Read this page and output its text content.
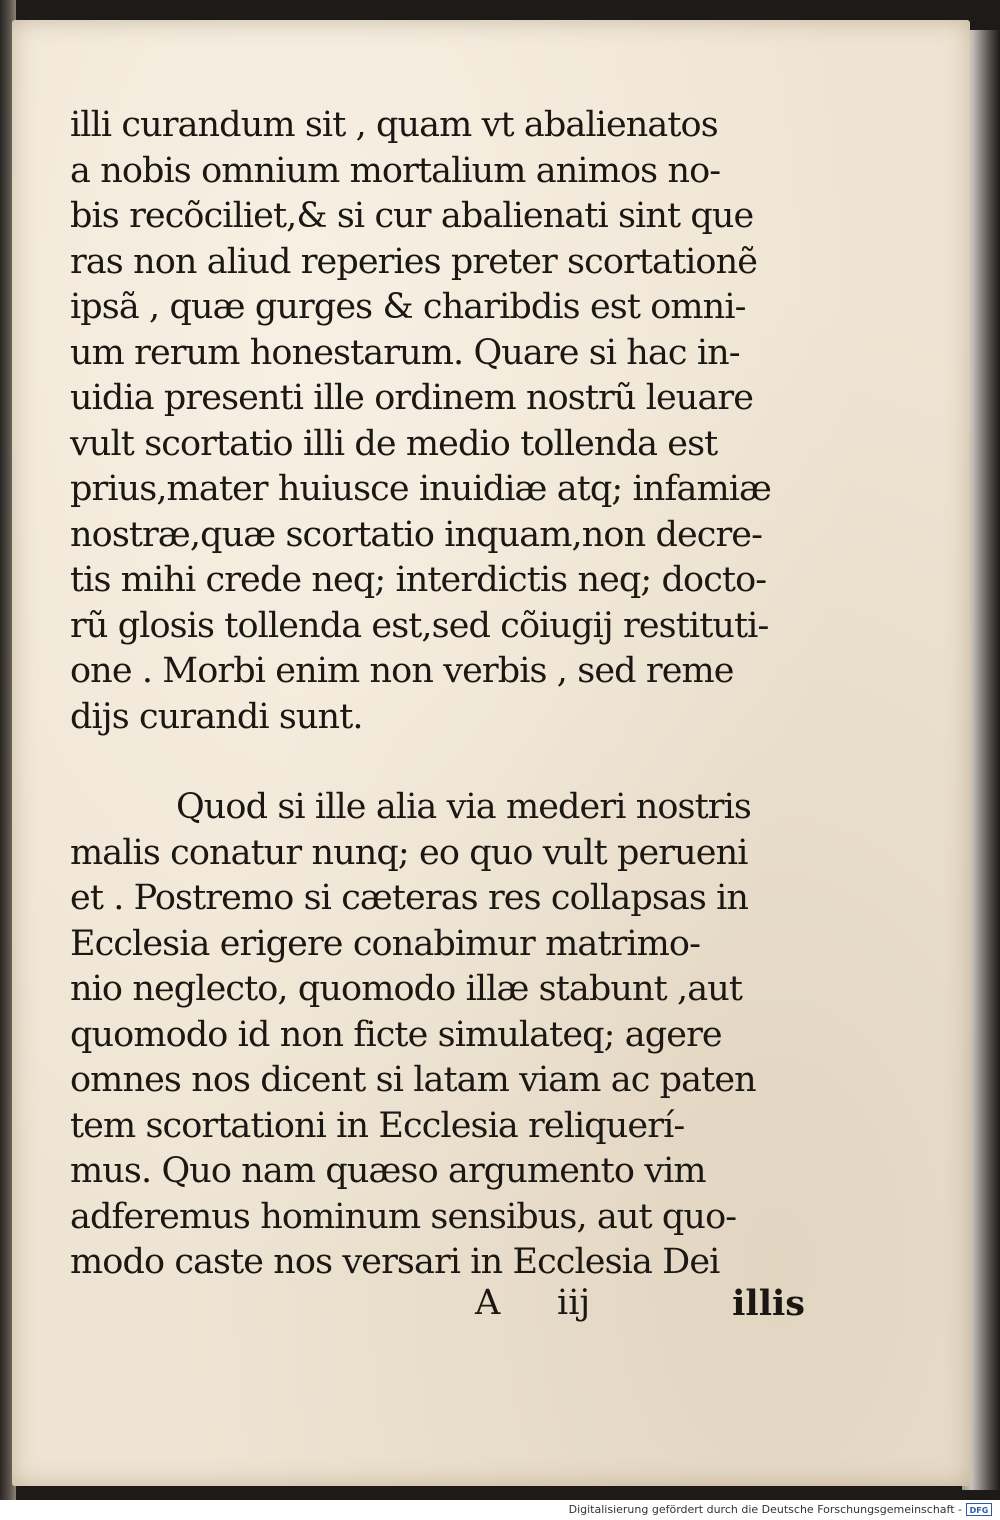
illi curandum sit , quam vt abalienatos
a nobis omnium mortalium animos no-
bis recõciliet,& si cur abalienati sint que
ras non aliud reperies preter scortationẽ
ipsã , quæ gurges & charibdis est omni-
um rerum honestarum. Quare si hac in-
uidia presenti ille ordinem nostrũ leuare
vult scortatio illi de medio tollenda est
prius,mater huiusce inuidiæ atq; infamiæ
nostræ,quæ scortatio inquam,non decre-
tis mihi crede neq; interdictis neq; docto-
rũ glosis tollenda est,sed cõiugij restituti-
one . Morbi enim non verbis , sed reme
dijs curandi sunt.
Quod si ille alia via mederi nostris
malis conatur nunq; eo quo vult perueni
et . Postremo si cæteras res collapsas in
Ecclesia erigere conabimur matrimo-
nio neglecto, quomodo illæ stabunt ,aut
quomodo id non ficte simulateq; agere
omnes nos dicent si latam viam ac paten
tem scortationi in Ecclesia reliquerí-
mus. Quo nam quæso argumento vim
adferemus hominum sensibus, aut quo-
modo caste nos versari in Ecclesia Dei
A iij	illis
Digitalisierung gefördert durch die Deutsche Forschungsgemeinschaft - DFG
